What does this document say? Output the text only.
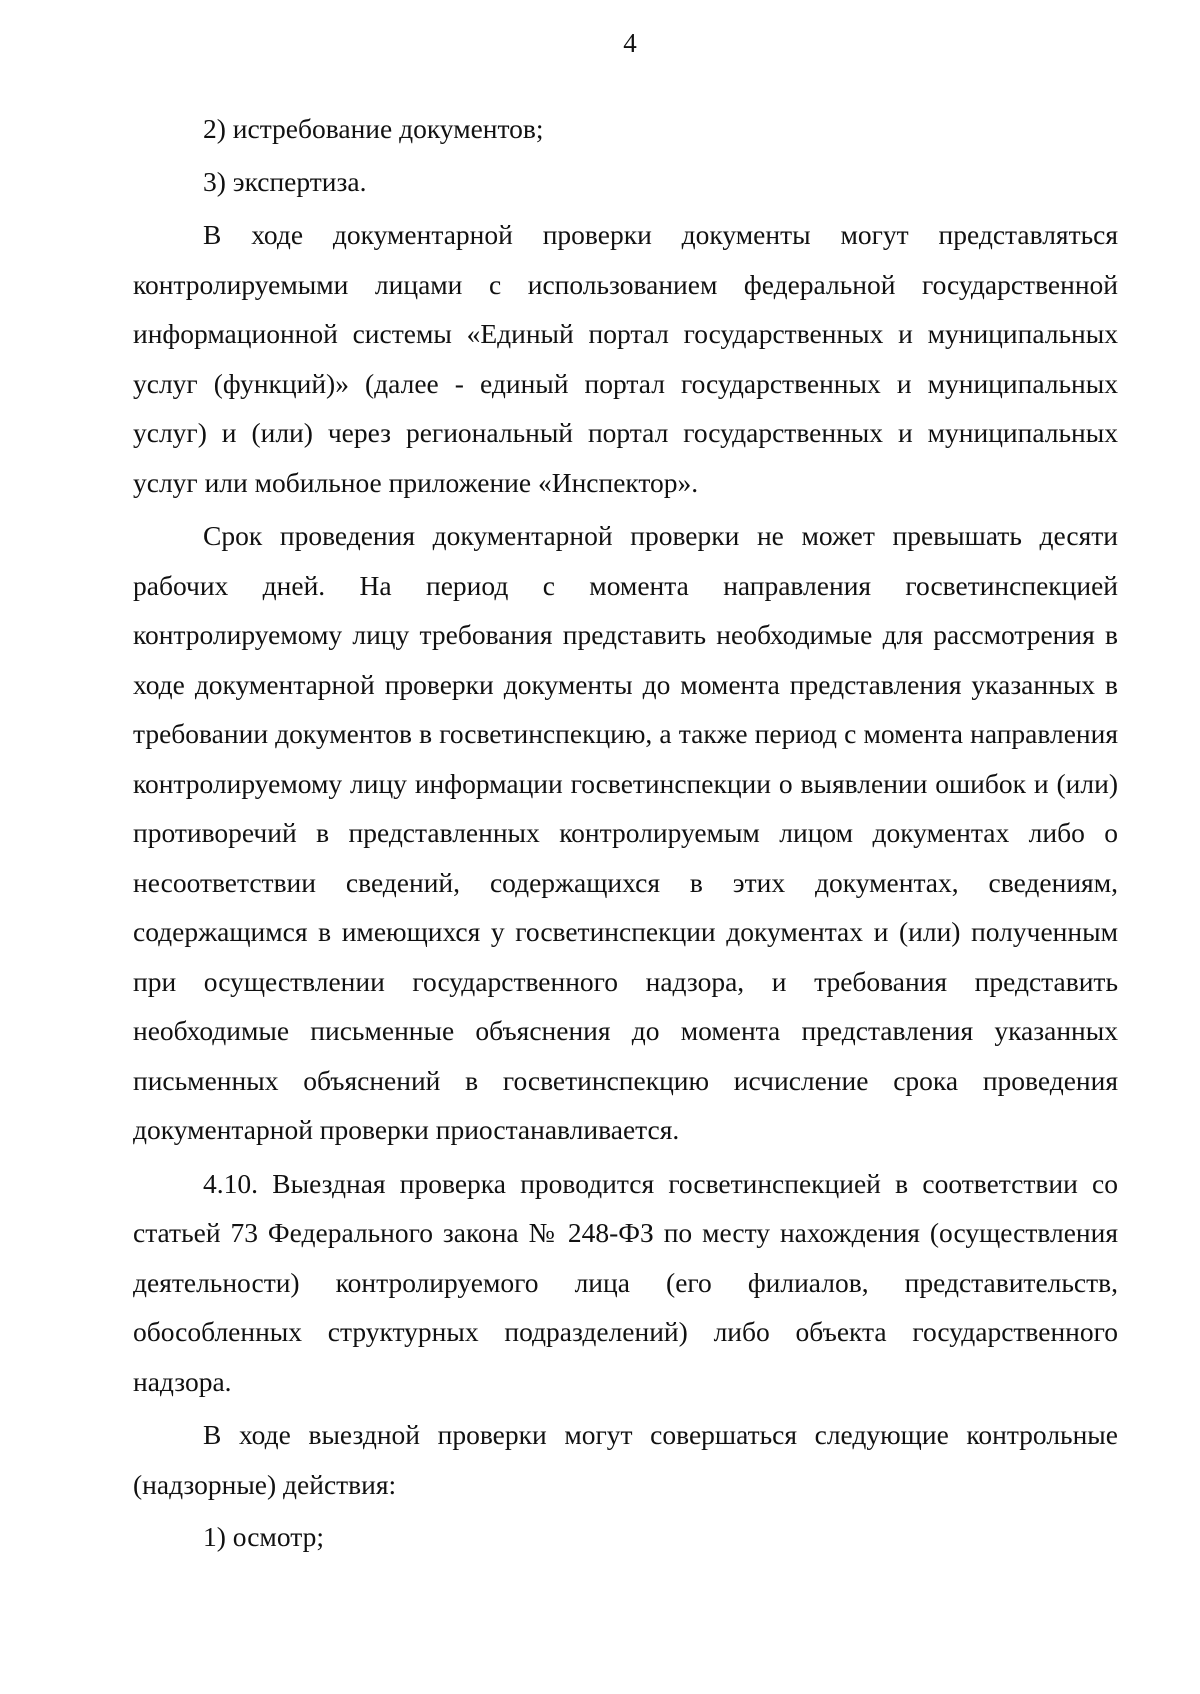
4

2) истребование документов;

3) экспертиза.

В ходе документарной проверки документы могут представляться контролируемыми лицами с использованием федеральной государственной информационной системы «Единый портал государственных и муниципальных услуг (функций)» (далее - единый портал государственных и муниципальных услуг) и (или) через региональный портал государственных и муниципальных услуг или мобильное приложение «Инспектор».

Срок проведения документарной проверки не может превышать десяти рабочих дней. На период с момента направления госветинспекцией контролируемому лицу требования представить необходимые для рассмотрения в ходе документарной проверки документы до момента представления указанных в требовании документов в госветинспекцию, а также период с момента направления контролируемому лицу информации госветинспекции о выявлении ошибок и (или) противоречий в представленных контролируемым лицом документах либо о несоответствии сведений, содержащихся в этих документах, сведениям, содержащимся в имеющихся у госветинспекции документах и (или) полученным при осуществлении государственного надзора, и требования представить необходимые письменные объяснения до момента представления указанных письменных объяснений в госветинспекцию исчисление срока проведения документарной проверки приостанавливается.

4.10. Выездная проверка проводится госветинспекцией в соответствии со статьей 73 Федерального закона № 248-ФЗ по месту нахождения (осуществления деятельности) контролируемого лица (его филиалов, представительств, обособленных структурных подразделений) либо объекта государственного надзора.

В ходе выездной проверки могут совершаться следующие контрольные (надзорные) действия:

1) осмотр;
